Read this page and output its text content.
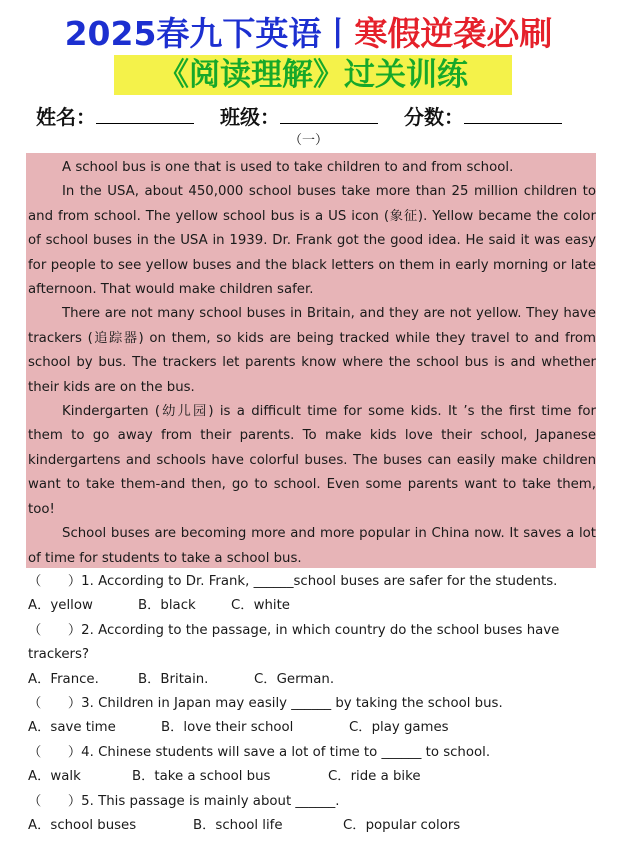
2025春九下英语丨寒假逆袭必刷
《阅读理解》过关训练
姓名：	班级：	分数：
（一）

A school bus is one that is used to take children to and from school.

In the USA, about 450,000 school buses take more than 25 million children to and from school. The yellow school bus is a US icon (象征). Yellow became the color of school buses in the USA in 1939. Dr. Frank got the good idea. He said it was easy for people to see yellow buses and the black letters on them in early morning or late afternoon. That would make children safer.

There are not many school buses in Britain, and they are not yellow. They have trackers (追踪器) on them, so kids are being tracked while they travel to and from school by bus. The trackers let parents know where the school bus is and whether their kids are on the bus.

Kindergarten (幼儿园) is a difficult time for some kids. It ’s the first time for them to go away from their parents. To make kids love their school, Japanese kindergartens and schools have colorful buses. The buses can easily make children want to take them-and then, go to school. Even some parents want to take them, too!

School buses are becoming more and more popular in China now. It saves a lot of time for students to take a school bus.

（　　）1. According to Dr. Frank, ______school buses are safer for the students.
A．yellow	B．black	C．white
（　　）2. According to the passage, in which country do the school buses have trackers?
A．France.	B．Britain.	C．German.
（　　）3. Children in Japan may easily ______ by taking the school bus.
A．save time	B．love their school	C．play games
（　　）4. Chinese students will save a lot of time to ______ to school.
A．walk	B．take a school bus	C．ride a bike
（　　）5. This passage is mainly about ______.
A．school buses	B．school life	C．popular colors
